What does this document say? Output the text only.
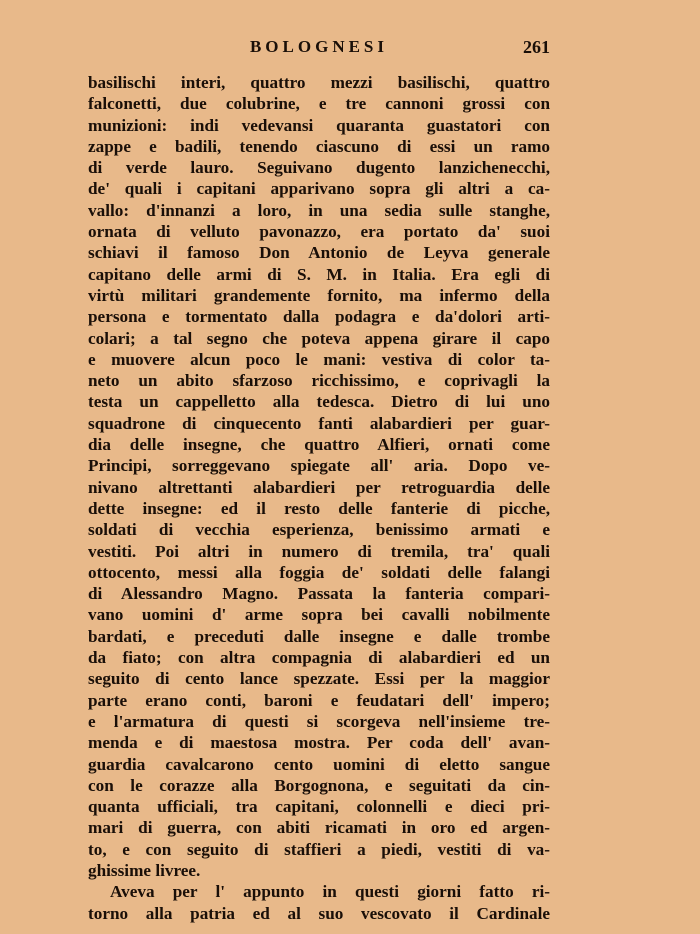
BOLOGNESI	261
basilischi interi, quattro mezzi basilischi, quattro
falconetti, due colubrine, e tre cannoni grossi con
munizioni: indi vedevansi quaranta guastatori con
zappe e badili, tenendo ciascuno di essi un ramo
di verde lauro. Seguivano dugento lanzichenecchi,
de' quali i capitani apparivano sopra gli altri a ca-
vallo: d'innanzi a loro, in una sedia sulle stanghe,
ornata di velluto pavonazzo, era portato da' suoi
schiavi il famoso Don Antonio de Leyva generale
capitano delle armi di S. M. in Italia. Era egli di
virtù militari grandemente fornito, ma infermo della
persona e tormentato dalla podagra e da'dolori arti-
colari; a tal segno che poteva appena girare il capo
e muovere alcun poco le mani: vestiva di color ta-
neto un abito sfarzoso ricchissimo, e coprivagli la
testa un cappelletto alla tedesca. Dietro di lui uno
squadrone di cinquecento fanti alabardieri per guar-
dia delle insegne, che quattro Alfieri, ornati come
Principi, sorreggevano spiegate all' aria. Dopo ve-
nivano altrettanti alabardieri per retroguardia delle
dette insegne: ed il resto delle fanterie di picche,
soldati di vecchia esperienza, benissimo armati e
vestiti. Poi altri in numero di tremila, tra' quali
ottocento, messi alla foggia de' soldati delle falangi
di Alessandro Magno. Passata la fanteria compari-
vano uomini d' arme sopra bei cavalli nobilmente
bardati, e preceduti dalle insegne e dalle trombe
da fiato; con altra compagnia di alabardieri ed un
seguito di cento lance spezzate. Essi per la maggior
parte erano conti, baroni e feudatari dell' impero;
e l'armatura di questi si scorgeva nell'insieme tre-
menda e di maestosa mostra. Per coda dell' avan-
guardia cavalcarono cento uomini di eletto sangue
con le corazze alla Borgognona, e seguitati da cin-
quanta ufficiali, tra capitani, colonnelli e dieci pri-
mari di guerra, con abiti ricamati in oro ed argen-
to, e con seguito di staffieri a piedi, vestiti di va-
ghissime livree.
Aveva per l' appunto in questi giorni fatto ri-
torno alla patria ed al suo vescovato il Cardinale
